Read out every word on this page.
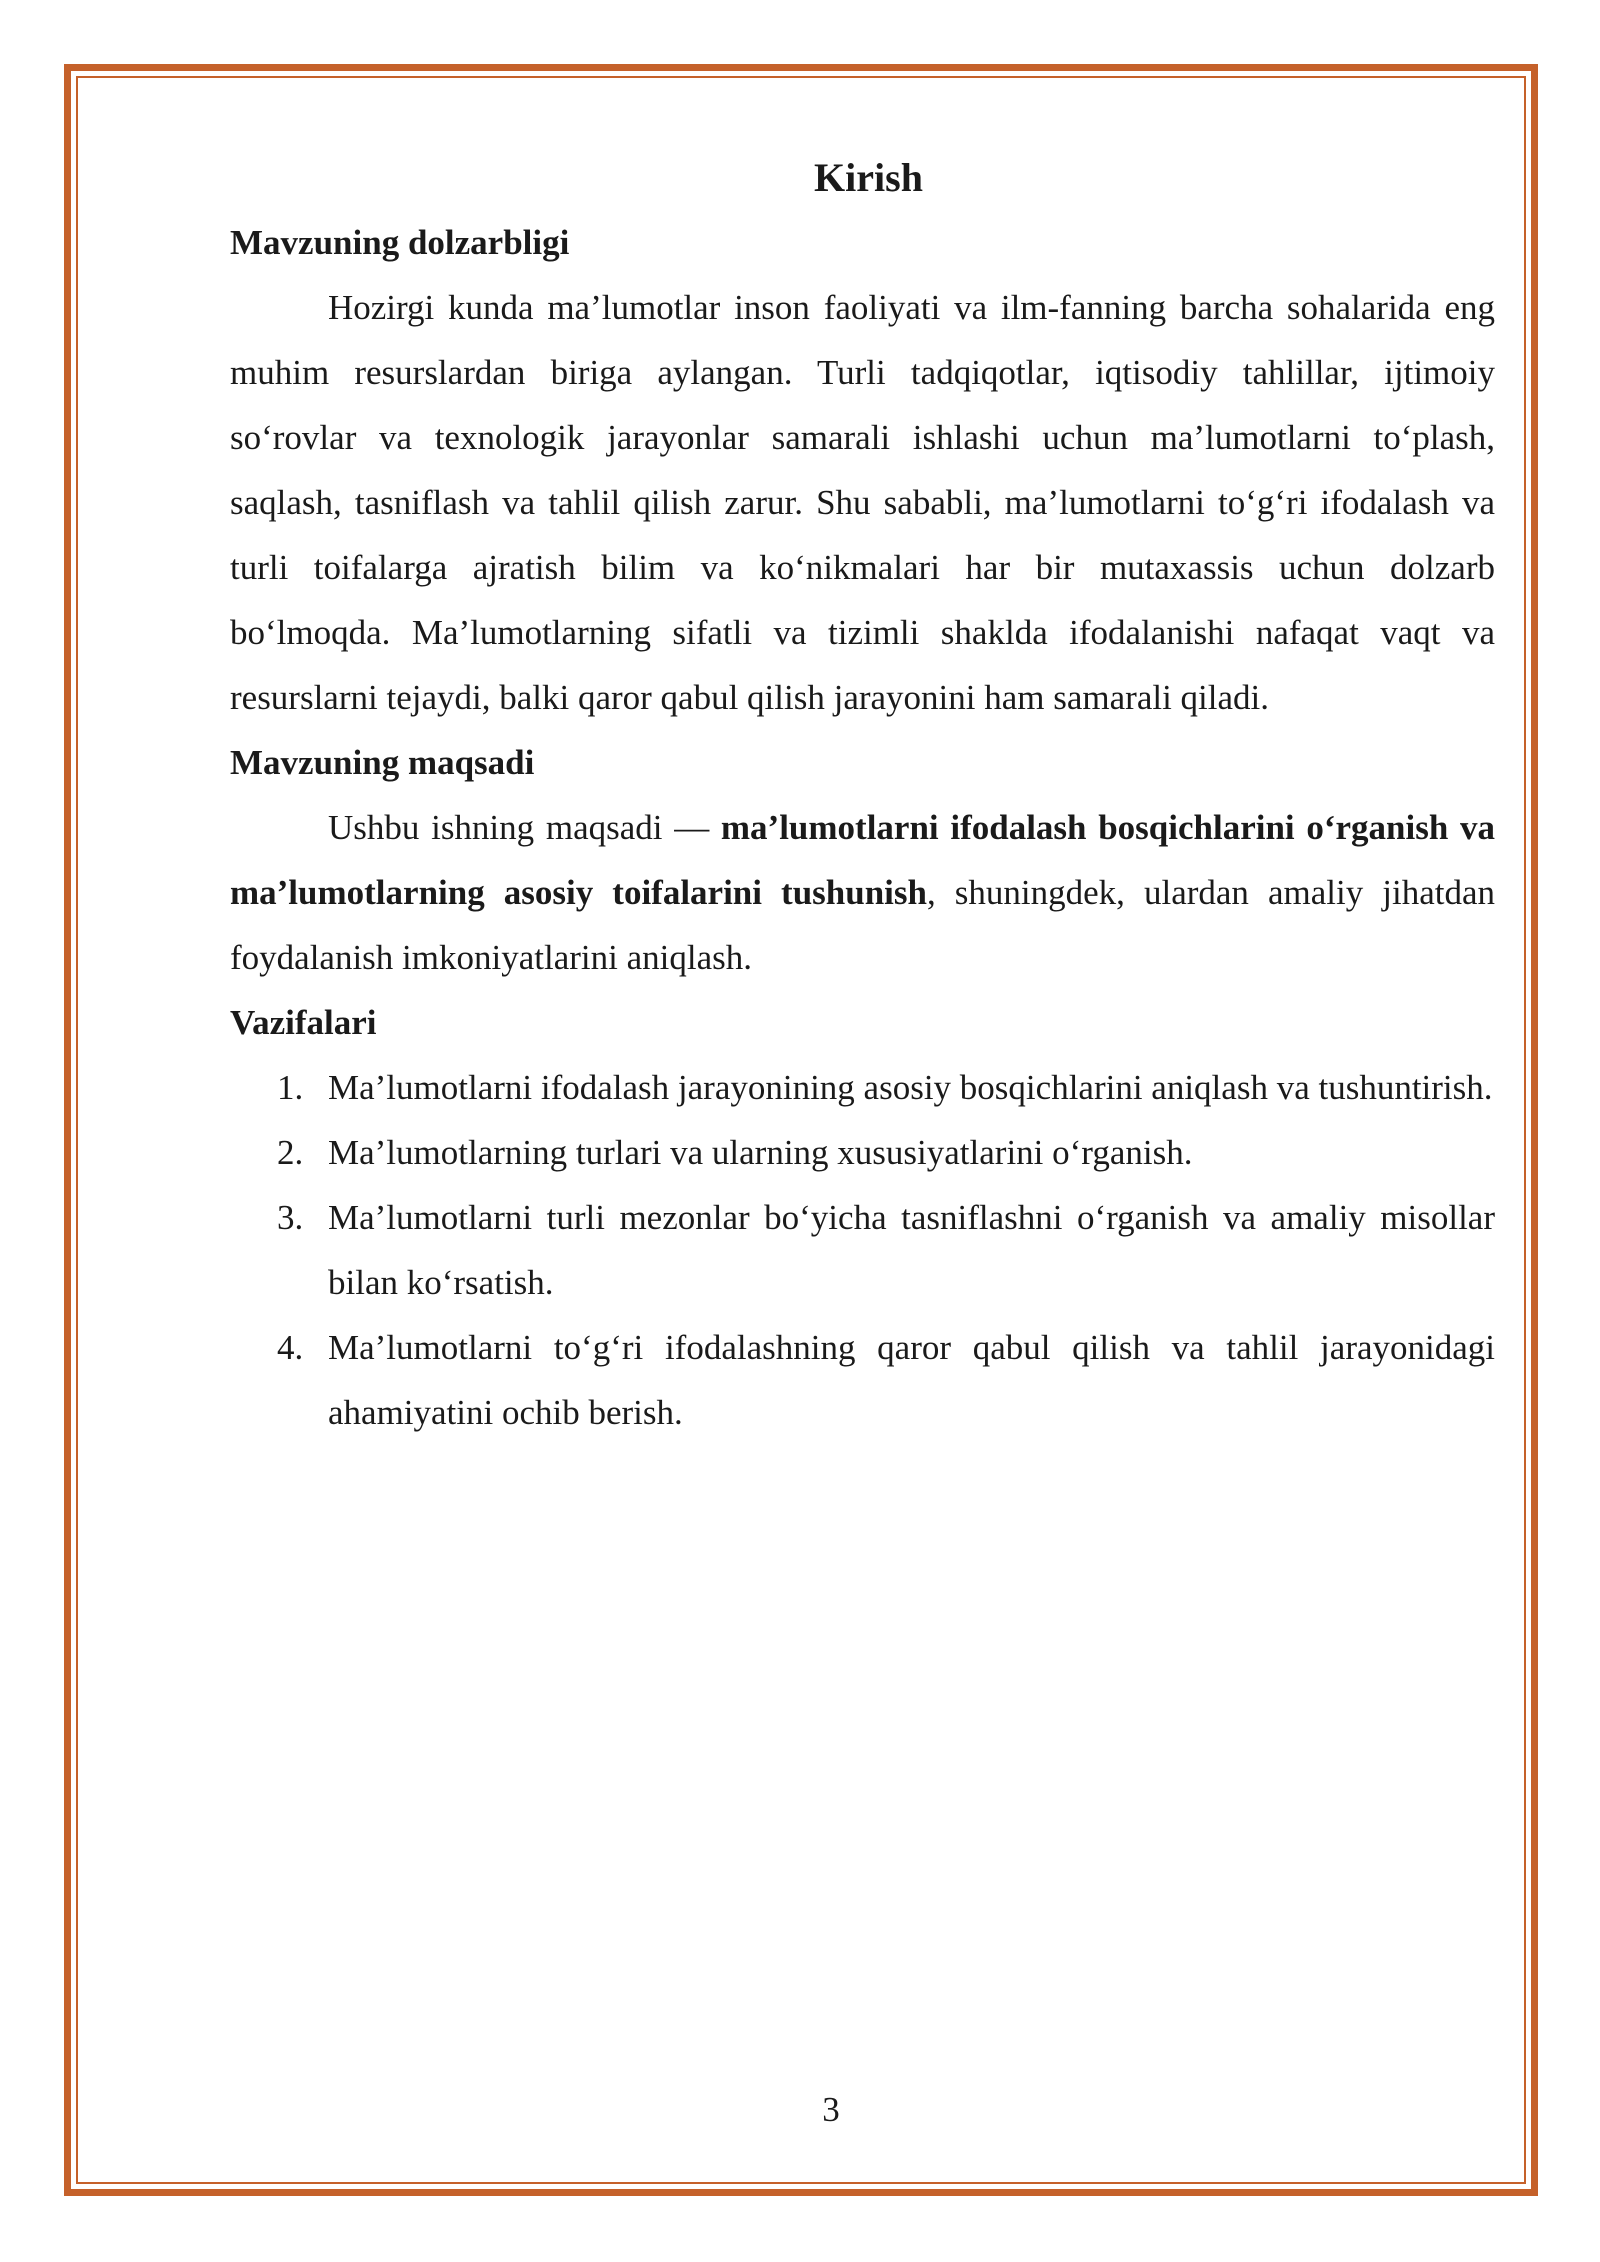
Kirish

Mavzuning dolzarbligi

Hozirgi kunda ma’lumotlar inson faoliyati va ilm-fanning barcha sohalarida eng muhim resurslardan biriga aylangan. Turli tadqiqotlar, iqtisodiy tahlillar, ijtimoiy so‘rovlar va texnologik jarayonlar samarali ishlashi uchun ma’lumotlarni to‘plash, saqlash, tasniflash va tahlil qilish zarur. Shu sababli, ma’lumotlarni to‘g‘ri ifodalash va turli toifalarga ajratish bilim va ko‘nikmalari har bir mutaxassis uchun dolzarb bo‘lmoqda. Ma’lumotlarning sifatli va tizimli shaklda ifodalanishi nafaqat vaqt va resurslarni tejaydi, balki qaror qabul qilish jarayonini ham samarali qiladi.

Mavzuning maqsadi

Ushbu ishning maqsadi — ma’lumotlarni ifodalash bosqichlarini o‘rganish va ma’lumotlarning asosiy toifalarini tushunish, shuningdek, ulardan amaliy jihatdan foydalanish imkoniyatlarini aniqlash.

Vazifalari

1. Ma’lumotlarni ifodalash jarayonining asosiy bosqichlarini aniqlash va tushuntirish.
2. Ma’lumotlarning turlari va ularning xususiyatlarini o‘rganish.
3. Ma’lumotlarni turli mezonlar bo‘yicha tasniflashni o‘rganish va amaliy misollar bilan ko‘rsatish.
4. Ma’lumotlarni to‘g‘ri ifodalashning qaror qabul qilish va tahlil jarayonidagi ahamiyatini ochib berish.
3
